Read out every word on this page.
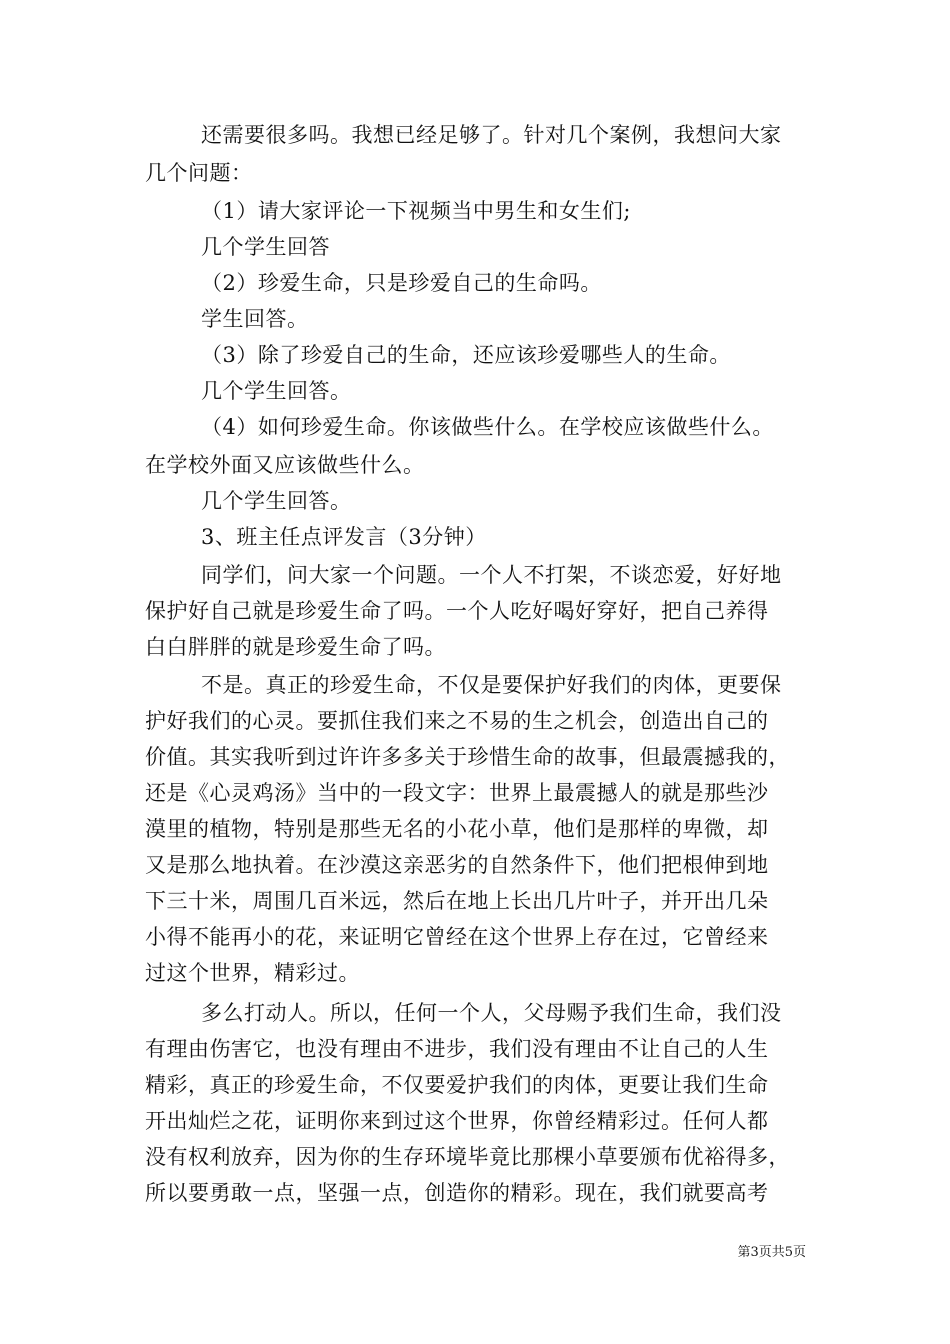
还需要很多吗。我想已经足够了。针对几个案例，我想问大家
几个问题：
（1）请大家评论一下视频当中男生和女生们;
几个学生回答
（2）珍爱生命，只是珍爱自己的生命吗。
学生回答。
（3）除了珍爱自己的生命，还应该珍爱哪些人的生命。
几个学生回答。
（4）如何珍爱生命。你该做些什么。在学校应该做些什么。
在学校外面又应该做些什么。
几个学生回答。
3、班主任点评发言（3分钟）
同学们，问大家一个问题。一个人不打架，不谈恋爱，好好地
保护好自己就是珍爱生命了吗。一个人吃好喝好穿好，把自己养得
白白胖胖的就是珍爱生命了吗。
不是。真正的珍爱生命，不仅是要保护好我们的肉体，更要保
护好我们的心灵。要抓住我们来之不易的生之机会，创造出自己的
价值。其实我听到过许许多多关于珍惜生命的故事，但最震撼我的，
还是《心灵鸡汤》当中的一段文字：世界上最震撼人的就是那些沙
漠里的植物，特别是那些无名的小花小草，他们是那样的卑微，却
又是那么地执着。在沙漠这亲恶劣的自然条件下，他们把根伸到地
下三十米，周围几百米远，然后在地上长出几片叶子，并开出几朵
小得不能再小的花，来证明它曾经在这个世界上存在过，它曾经来
过这个世界，精彩过。
多么打动人。所以，任何一个人，父母赐予我们生命，我们没
有理由伤害它，也没有理由不进步，我们没有理由不让自己的人生
精彩，真正的珍爱生命，不仅要爱护我们的肉体，更要让我们生命
开出灿烂之花，证明你来到过这个世界，你曾经精彩过。任何人都
没有权利放弃，因为你的生存环境毕竟比那棵小草要颁布优裕得多，
所以要勇敢一点，坚强一点，创造你的精彩。现在，我们就要高考
第3页共5页
